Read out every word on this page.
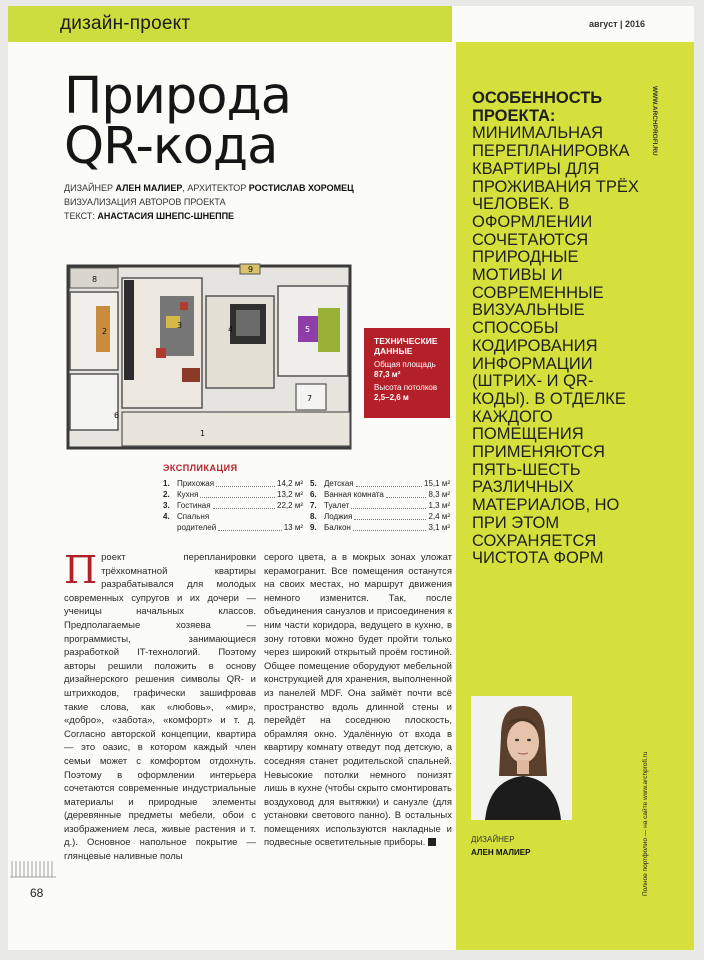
дизайн-проект	август | 2016
Природа
QR-кода
ДИЗАЙНЕР АЛЕН МАЛИЕР, АРХИТЕКТОР РОСТИСЛАВ ХОРОМЕЦ
ВИЗУАЛИЗАЦИЯ АВТОРОВ ПРОЕКТА
ТЕКСТ: АНАСТАСИЯ ШНЕПС-ШНЕППЕ
8
2
3	4	5
6
7
9
1
ТЕХНИЧЕСКИЕ ДАННЫЕ
Общая площадь
87,3 м²
Высота потолков
2,5–2,6 м
ЭКСПЛИКАЦИЯ
1. Прихожая	14,2 м²
2. Кухня	13,2 м²
3. Гостиная	22,2 м²
4. Спальня
родителей	13 м²
5. Детская	15,1 м²
6. Ванная комната	8,3 м²
7. Туалет	1,3 м²
8. Лоджия	2,4 м²
9. Балкон	3,1 м²
Проект перепланировки трёхкомнатной квартиры разрабатывался для молодых современных супругов и их дочери — ученицы начальных классов. Предполагаемые хозяева — программисты, занимающиеся разработкой IT-технологий. Поэтому авторы решили положить в основу дизайнерского решения символы QR- и штрихкодов, графически зашифровав такие слова, как «любовь», «мир», «добро», «забота», «комфорт» и т. д. Согласно авторской концепции, квартира — это оазис, в котором каждый член семьи может с комфортом отдохнуть. Поэтому в оформлении интерьера сочетаются современные индустриальные материалы и природные элементы (деревянные предметы мебели, обои с изображением леса, живые растения и т. д.). Основное напольное покрытие — глянцевые наливные полы
серого цвета, а в мокрых зонах уложат керамогранит. Все помещения останутся на своих местах, но маршрут движения немного изменится. Так, после объединения санузлов и присоединения к ним части коридора, ведущего в кухню, в зону готовки можно будет пройти только через широкий открытый проём гостиной. Общее помещение оборудуют мебельной конструкцией для хранения, выполненной из панелей MDF. Она займёт почти всё пространство вдоль длинной стены и перейдёт на соседнюю плоскость, обрамляя окно. Удалённую от входа в квартиру комнату отведут под детскую, а соседняя станет родительской спальней. Невысокие потолки немного понизят лишь в кухне (чтобы скрыто смонтировать воздуховод для вытяжки) и санузле (для установки светового панно). В остальных помещениях используются накладные и подвесные осветительные приборы.
68
ОСОБЕННОСТЬ ПРОЕКТА: МИНИМАЛЬНАЯ ПЕРЕПЛАНИРОВКА КВАРТИРЫ ДЛЯ ПРОЖИВАНИЯ ТРЁХ ЧЕЛОВЕК. В ОФОРМЛЕНИИ СОЧЕТАЮТСЯ ПРИРОДНЫЕ МОТИВЫ И СОВРЕМЕННЫЕ ВИЗУАЛЬНЫЕ СПОСОБЫ КОДИРОВАНИЯ ИНФОРМАЦИИ (ШТРИХ- И QR-КОДЫ). В ОТДЕЛКЕ КАЖДОГО ПОМЕЩЕНИЯ ПРИМЕНЯЮТСЯ ПЯТЬ-ШЕСТЬ РАЗЛИЧНЫХ МАТЕРИАЛОВ, НО ПРИ ЭТОМ СОХРАНЯЕТСЯ ЧИСТОТА ФОРМ
WWW.ARCHPROFI.RU
Полное портфолио — на сайте www.archprofi.ru
ДИЗАЙНЕР
АЛЕН МАЛИЕР
